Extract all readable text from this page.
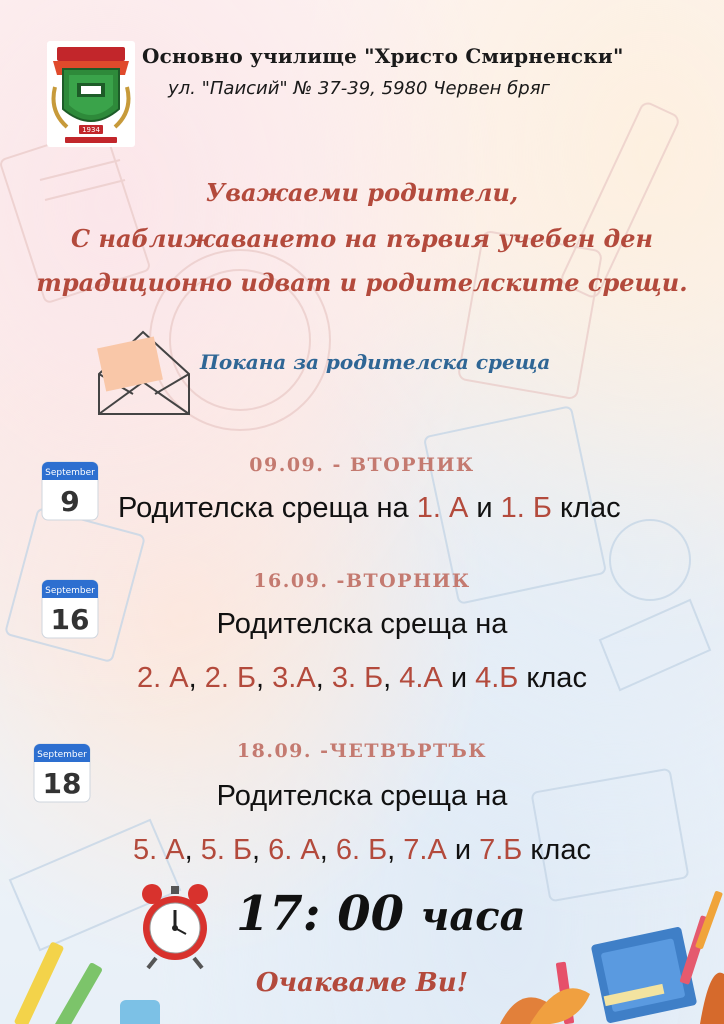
1934
Основно училище "Христо Смирненски"
ул. "Паисий" № 37-39, 5980 Червен бряг
Уважаеми родители,
С наближаването на първия учебен ден
традиционно идват и родителските срещи.
Покана за родителска среща
September
9
09.09. - ВТОРНИК
Родителска среща на 1. А и 1. Б клас
September
16
16.09. -ВТОРНИК
Родителска среща на
2. А, 2. Б, 3.А, 3. Б, 4.А и 4.Б клас
September
18
18.09. -ЧЕТВЪРТЪК
Родителска среща на
5. А, 5. Б, 6. А, 6. Б, 7.А и 7.Б клас
17: 00 часа
Очакваме Ви!
